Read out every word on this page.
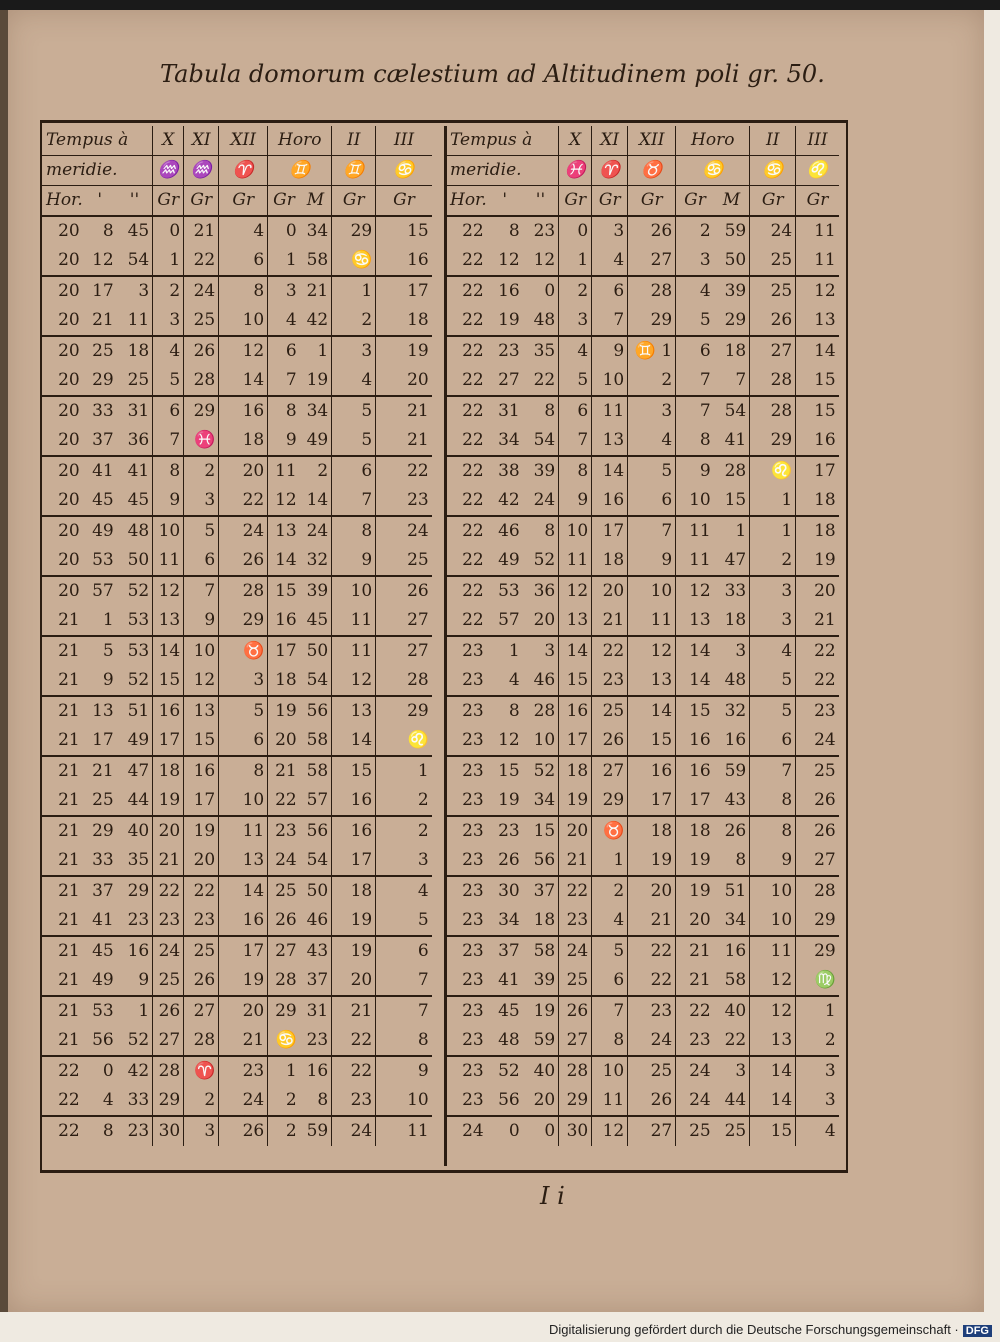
Tabula domorum cælestium ad Altitudinem poli gr. 50.
Tempus à			X	XI	XII	Horo		II	III
meridie.			♒	♒	♈	♊		♊	♋
Hor.	'	''	Gr	Gr	Gr	Gr	M	Gr	Gr
20	8	45	0	21	4	0	34	29	15
20	12	54	1	22	6	1	58	♋	16
20	17	3	2	24	8	3	21	1	17
20	21	11	3	25	10	4	42	2	18
20	25	18	4	26	12	6	1	3	19
20	29	25	5	28	14	7	19	4	20
20	33	31	6	29	16	8	34	5	21
20	37	36	7	♓	18	9	49	5	21
20	41	41	8	2	20	11	2	6	22
20	45	45	9	3	22	12	14	7	23
20	49	48	10	5	24	13	24	8	24
20	53	50	11	6	26	14	32	9	25
20	57	52	12	7	28	15	39	10	26
21	1	53	13	9	29	16	45	11	27
21	5	53	14	10	♉	17	50	11	27
21	9	52	15	12	3	18	54	12	28
21	13	51	16	13	5	19	56	13	29
21	17	49	17	15	6	20	58	14	♌
21	21	47	18	16	8	21	58	15	1
21	25	44	19	17	10	22	57	16	2
21	29	40	20	19	11	23	56	16	2
21	33	35	21	20	13	24	54	17	3
21	37	29	22	22	14	25	50	18	4
21	41	23	23	23	16	26	46	19	5
21	45	16	24	25	17	27	43	19	6
21	49	9	25	26	19	28	37	20	7
21	53	1	26	27	20	29	31	21	7
21	56	52	27	28	21	♋	23	22	8
22	0	42	28	♈	23	1	16	22	9
22	4	33	29	2	24	2	8	23	10
22	8	23	30	3	26	2	59	24	11
Tempus à			X	XI	XII	Horo		II	III
meridie.			♓	♈	♉	♋		♋	♌
Hor.	'	''	Gr	Gr	Gr	Gr	M	Gr	Gr
22	8	23	0	3	26	2	59	24	11
22	12	12	1	4	27	3	50	25	11
22	16	0	2	6	28	4	39	25	12
22	19	48	3	7	29	5	29	26	13
22	23	35	4	9	♊ 1	6	18	27	14
22	27	22	5	10	2	7	7	28	15
22	31	8	6	11	3	7	54	28	15
22	34	54	7	13	4	8	41	29	16
22	38	39	8	14	5	9	28	♌	17
22	42	24	9	16	6	10	15	1	18
22	46	8	10	17	7	11	1	1	18
22	49	52	11	18	9	11	47	2	19
22	53	36	12	20	10	12	33	3	20
22	57	20	13	21	11	13	18	3	21
23	1	3	14	22	12	14	3	4	22
23	4	46	15	23	13	14	48	5	22
23	8	28	16	25	14	15	32	5	23
23	12	10	17	26	15	16	16	6	24
23	15	52	18	27	16	16	59	7	25
23	19	34	19	29	17	17	43	8	26
23	23	15	20	♉	18	18	26	8	26
23	26	56	21	1	19	19	8	9	27
23	30	37	22	2	20	19	51	10	28
23	34	18	23	4	21	20	34	10	29
23	37	58	24	5	22	21	16	11	29
23	41	39	25	6	22	21	58	12	♍
23	45	19	26	7	23	22	40	12	1
23	48	59	27	8	24	23	22	13	2
23	52	40	28	10	25	24	3	14	3
23	56	20	29	11	26	24	44	14	3
24	0	0	30	12	27	25	25	15	4
I i
Digitalisierung gefördert durch die Deutsche Forschungsgemeinschaft · DFG
